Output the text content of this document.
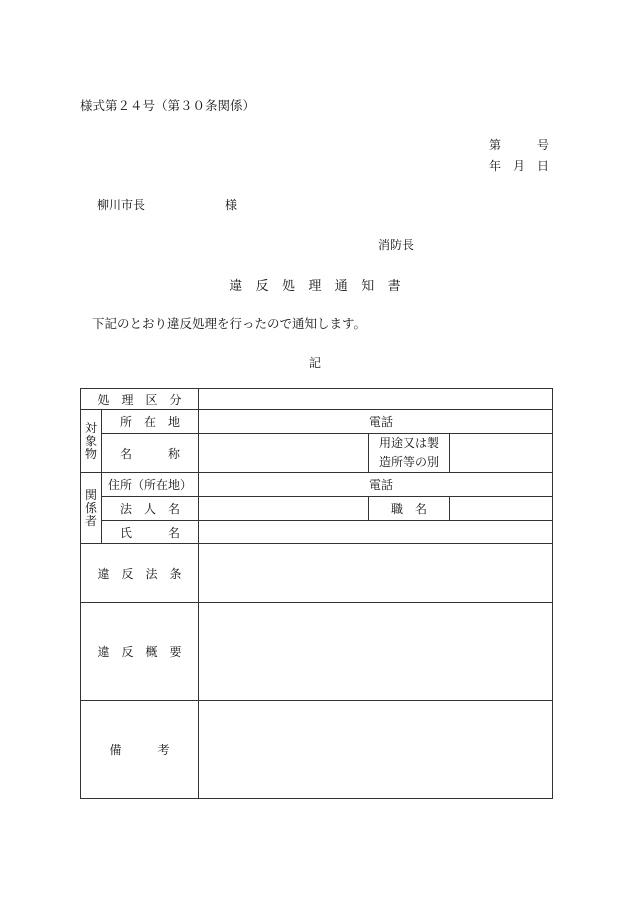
様式第２４号（第３０条関係）
第　　　号
年　月　日
柳川市長	様
消防長
違　反　処　理　通　知　書
下記のとおり違反処理を行ったので通知します。
記
処　理　区　分				

対
象
物	所　在　地	電話		
	名　　　称		用途又は製
造所等の別	

関
係
者	住所（所在地）	電話		
	法　人　名		職　名	
	氏　　　名			
違　反　法　条				
違　反　概　要				
備　　　考				
